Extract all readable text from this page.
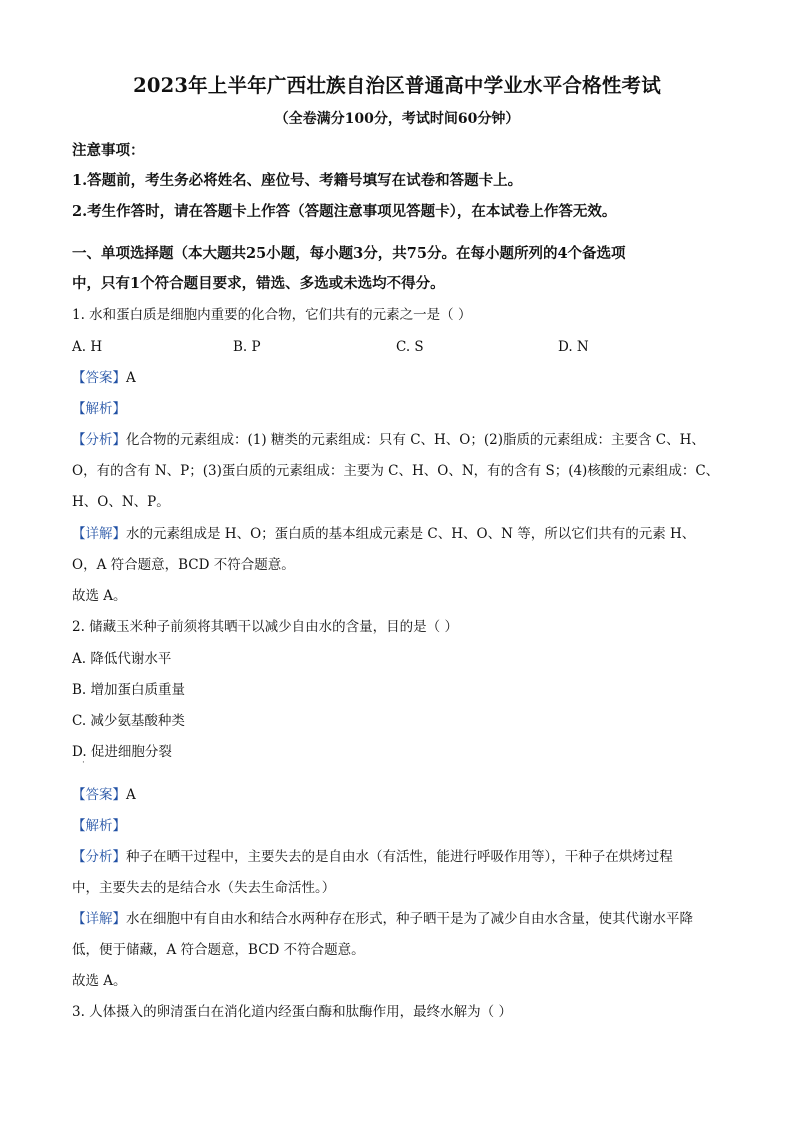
2023年上半年广西壮族自治区普通高中学业水平合格性考试
（全卷满分100分，考试时间60分钟）
注意事项：
1.答题前，考生务必将姓名、座位号、考籍号填写在试卷和答题卡上。
2.考生作答时，请在答题卡上作答（答题注意事项见答题卡），在本试卷上作答无效。
一、单项选择题（本大题共25小题，每小题3分，共75分。在每小题所列的4个备选项
中，只有1个符合题目要求，错选、多选或未选均不得分。
1. 水和蛋白质是细胞内重要的化合物，它们共有的元素之一是（ ）
A. H	B. P	C. S	D. N
【答案】A
【解析】
【分析】化合物的元素组成：(1) 糖类的元素组成：只有 C、H、O；(2)脂质的元素组成：主要含 C、H、
O，有的含有 N、P；(3)蛋白质的元素组成：主要为 C、H、O、N，有的含有 S；(4)核酸的元素组成：C、
H、O、N、P。
【详解】水的元素组成是 H、O；蛋白质的基本组成元素是 C、H、O、N 等，所以它们共有的元素 H、
O，A 符合题意，BCD 不符合题意。
故选 A。
2. 储藏玉米种子前须将其晒干以减少自由水的含量，目的是（ ）
A. 降低代谢水平
B. 增加蛋白质重量
C. 减少氨基酸种类
D. 促进细胞分裂
·
【答案】A
【解析】
【分析】种子在晒干过程中，主要失去的是自由水（有活性，能进行呼吸作用等），干种子在烘烤过程
中，主要失去的是结合水（失去生命活性。）
【详解】水在细胞中有自由水和结合水两种存在形式，种子晒干是为了减少自由水含量，使其代谢水平降
低，便于储藏，A 符合题意，BCD 不符合题意。
故选 A。
3. 人体摄入的卵清蛋白在消化道内经蛋白酶和肽酶作用，最终水解为（ ）
